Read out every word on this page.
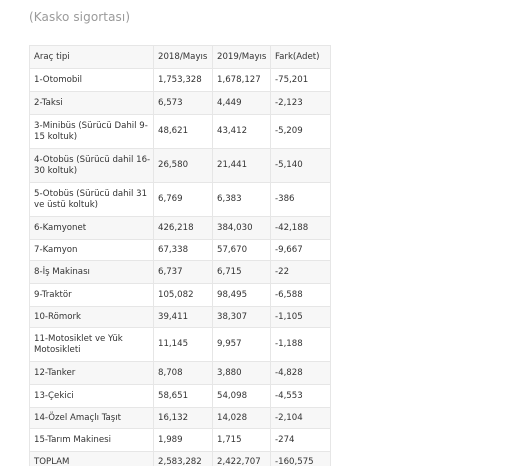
(Kasko sigortası)
Araç tipi	2018/Mayıs	2019/Mayıs	Fark(Adet)
1-Otomobil	1,753,328	1,678,127	-75,201
2-Taksi	6,573	4,449	-2,123
3-Minibüs (Sürücü Dahil 9-15 koltuk)	48,621	43,412	-5,209
4-Otobüs (Sürücü dahil 16-30 koltuk)	26,580	21,441	-5,140
5-Otobüs (Sürücü dahil 31 ve üstü koltuk)	6,769	6,383	-386
6-Kamyonet	426,218	384,030	-42,188
7-Kamyon	67,338	57,670	-9,667
8-İş Makinası	6,737	6,715	-22
9-Traktör	105,082	98,495	-6,588
10-Römork	39,411	38,307	-1,105
11-Motosiklet ve Yük Motosikleti	11,145	9,957	-1,188
12-Tanker	8,708	3,880	-4,828
13-Çekici	58,651	54,098	-4,553
14-Özel Amaçlı Taşıt	16,132	14,028	-2,104
15-Tarım Makinesi	1,989	1,715	-274
TOPLAM	2,583,282	2,422,707	-160,575
